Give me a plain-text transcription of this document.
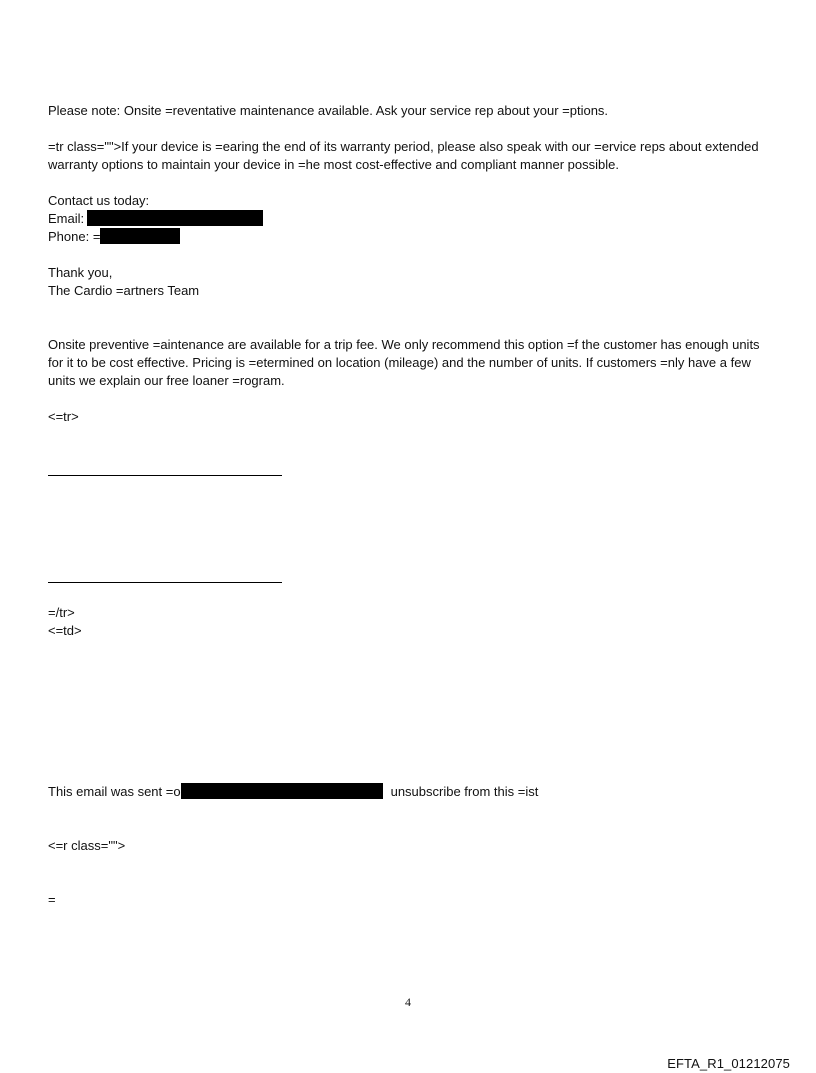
Please note: Onsite =reventative maintenance available. Ask your service rep about your =ptions.
=tr class="">If your device is =earing the end of its warranty period, please also speak with our =ervice reps about extended warranty options to maintain your device in =he most cost-effective and compliant manner possible.
Contact us today:
Email:
Phone: =
Thank you,
The Cardio =artners Team
Onsite preventive =aintenance are available for a trip fee. We only recommend this option =f the customer has enough units for it to be cost effective. Pricing is =etermined on location (mileage) and the number of units. If customers =nly have a few units we explain our free loaner =rogram.
<=tr>
=/tr>
<=td>
This email was sent =o	unsubscribe from this =ist
<=r class="">
=
4
EFTA_R1_01212075
